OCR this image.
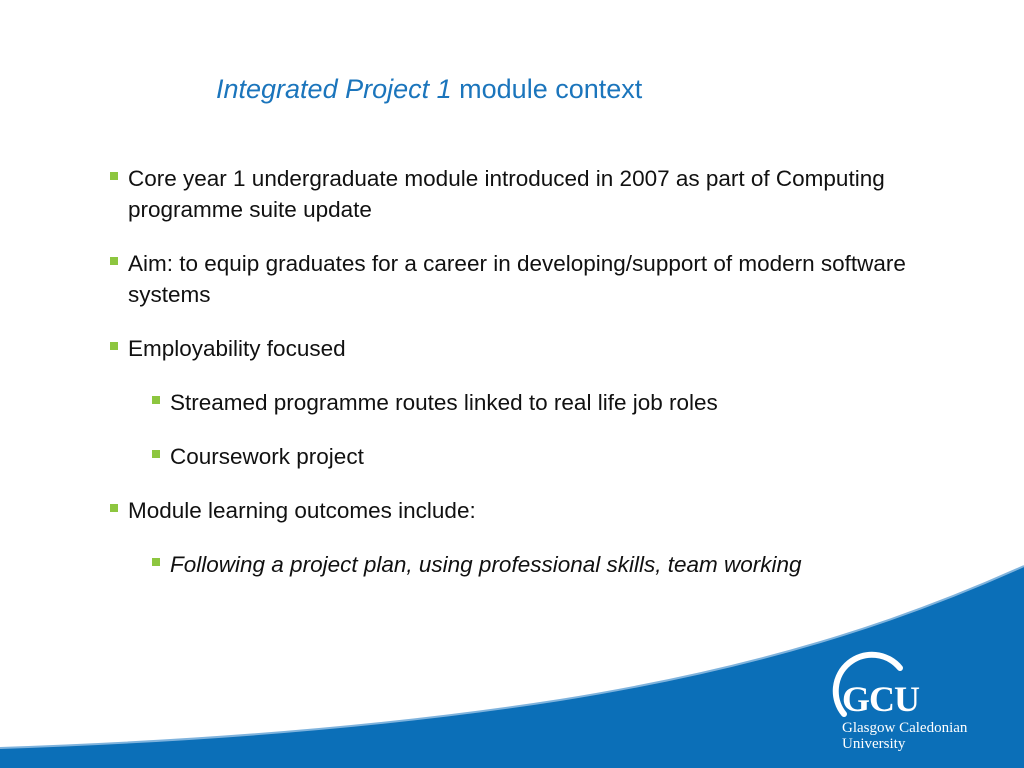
Integrated Project 1 module context
Core year 1 undergraduate module introduced in 2007 as part of Computing programme suite update
Aim: to equip graduates for a career in developing/support of modern software systems
Employability focused
Streamed programme routes linked to real life job roles
Coursework project
Module learning outcomes include:
Following a project plan, using professional skills, team working
GCU
Glasgow Caledonian
University
